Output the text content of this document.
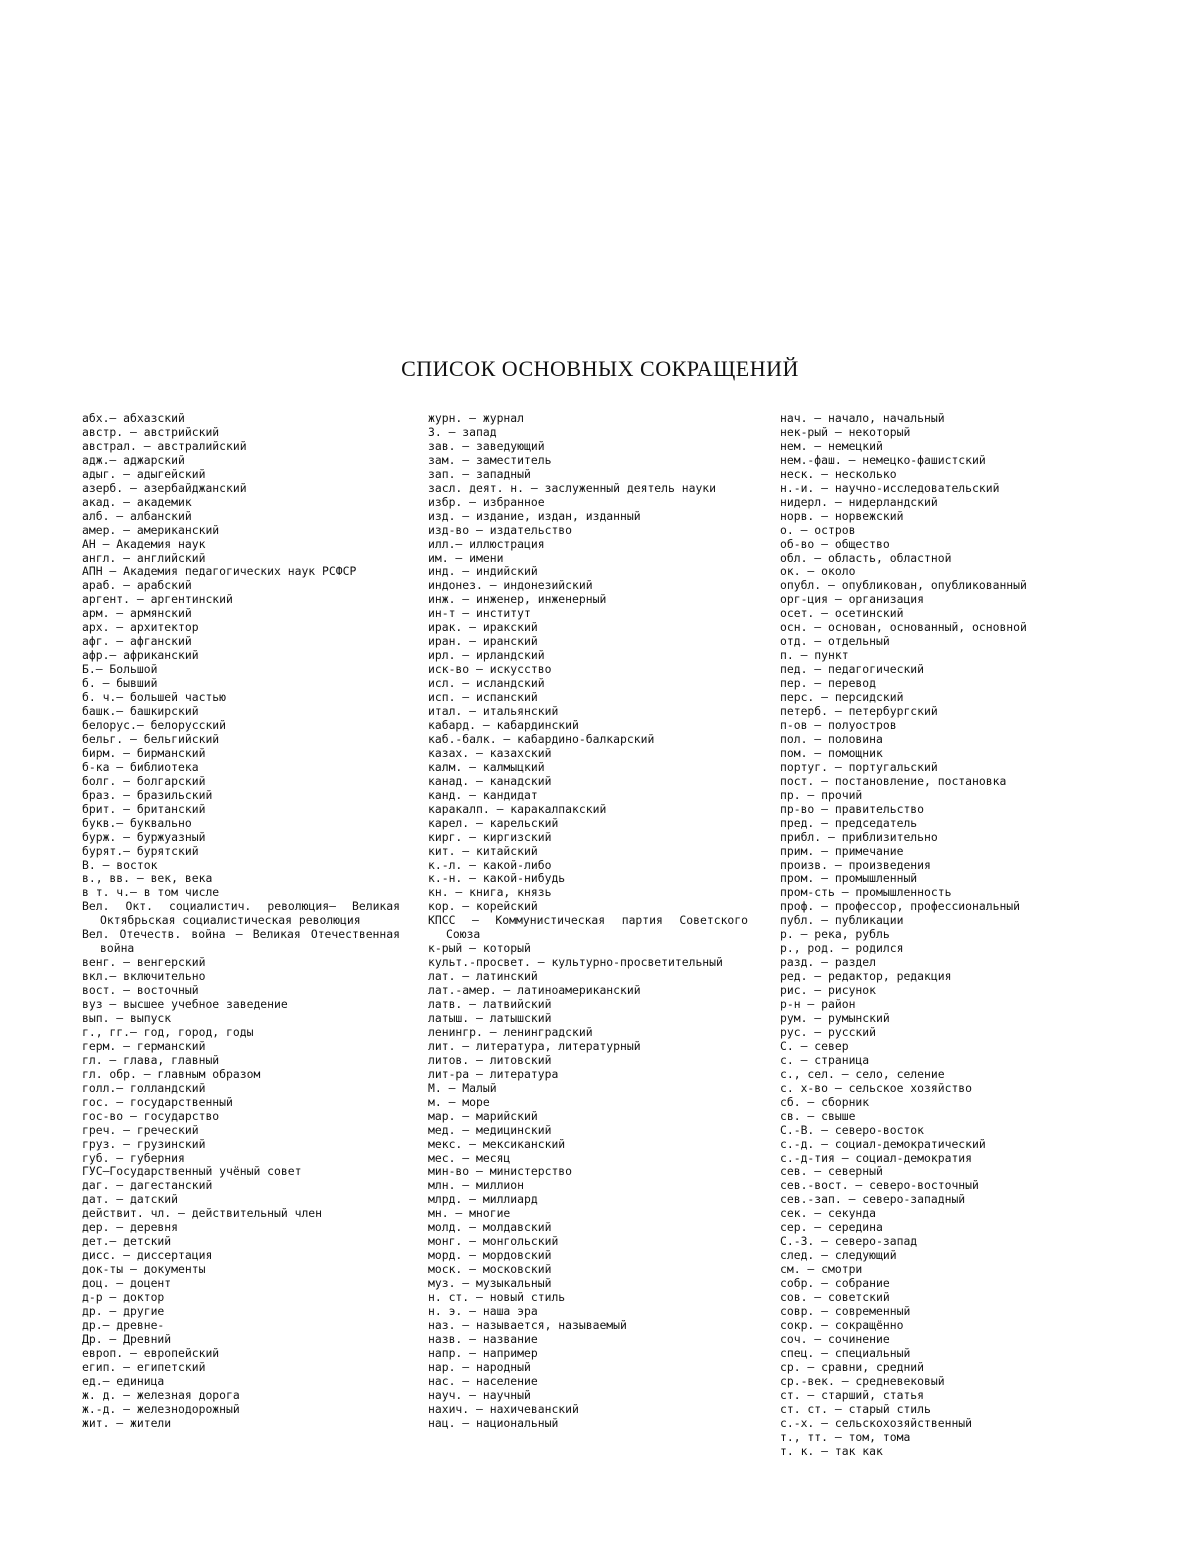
СПИСОК ОСНОВНЫХ СОКРАЩЕНИЙ
абх.— абхазский
австр. — австрийский
австрал. — австралийский
адж.— аджарский
адыг. — адыгейский
азерб. — азербайджанский
акад. — академик
алб. — албанский
амер. — американский
АН — Академия наук
англ. — английский
АПН — Академия педагогических наук РСФСР
араб. — арабский
аргент. — аргентинский
арм. — армянский
арх. — архитектор
афг. — афганский
афр.— африканский
Б.— Большой
б. — бывший
б. ч.— большей частью
башк.— башкирский
белорус.— белорусский
бельг. — бельгийский
бирм. — бирманский
б-ка — библиотека
болг. — болгарский
браз. — бразильский
брит. — британский
букв.— буквально
бурж. — буржуазный
бурят.— бурятский
В. — восток
в., вв. — век, века
в т. ч.— в том числе
Вел. Окт. социалистич. революция— Великая Октябрьская социалистическая революция
Вел. Отечеств. война — Великая Отечественная война
венг. — венгерский
вкл.— включительно
вост. — восточный
вуз — высшее учебное заведение
вып. — выпуск
г., гг.— год, город, годы
герм. — германский
гл. — глава, главный
гл. обр. — главным образом
голл.— голландский
гос. — государственный
гос-во — государство
греч. — греческий
груз. — грузинский
губ. — губерния
ГУС—Государственный учёный совет
даг. — дагестанский
дат. — датский
действит. чл. — действительный член
дер. — деревня
дет.— детский
дисс. — диссертация
док-ты — документы
доц. — доцент
д-р — доктор
др. — другие
др.— древне-
Др. — Древний
европ. — европейский
егип. — египетский
ед.— единица
ж. д. — железная дорога
ж.-д. — железнодорожный
жит. — жители
журн. — журнал
З. — запад
зав. — заведующий
зам. — заместитель
зап. — западный
засл. деят. н. — заслуженный деятель науки
избр. — избранное
изд. — издание, издан, изданный
изд-во — издательство
илл.— иллюстрация
им. — имени
инд. — индийский
индонез. — индонезийский
инж. — инженер, инженерный
ин-т — институт
ирак. — иракский
иран. — иранский
ирл. — ирландский
иск-во — искусство
исл. — исландский
исп. — испанский
итал. — итальянский
кабард. — кабардинский
каб.-балк. — кабардино-балкарский
казах. — казахский
калм. — калмыцкий
канад. — канадский
канд. — кандидат
каракалп. — каракалпакский
карел. — карельский
кирг. — киргизский
кит. — китайский
к.-л. — какой-либо
к.-н. — какой-нибудь
кн. — книга, князь
кор. — корейский
КПСС — Коммунистическая партия Советского Союза
к-рый — который
культ.-просвет. — культурно-просветительный
лат. — латинский
лат.-амер. — латиноамериканский
латв. — латвийский
латыш. — латышский
ленингр. — ленинградский
лит. — литература, литературный
литов. — литовский
лит-ра — литература
М. — Малый
м. — море
мар. — марийский
мед. — медицинский
мекс. — мексиканский
мес. — месяц
мин-во — министерство
млн. — миллион
млрд. — миллиард
мн. — многие
молд. — молдавский
монг. — монгольский
морд. — мордовский
моск. — московский
муз. — музыкальный
н. ст. — новый стиль
н. э. — наша эра
наз. — называется, называемый
назв. — название
напр. — например
нар. — народный
нас. — население
науч. — научный
нахич. — нахичеванский
нац. — национальный
нач. — начало, начальный
нек-рый — некоторый
нем. — немецкий
нем.-фаш. — немецко-фашистский
неск. — несколько
н.-и. — научно-исследовательский
нидерл. — нидерландский
норв. — норвежский
о. — остров
об-во — общество
обл. — область, областной
ок. — около
опубл. — опубликован, опубликованный
орг-ция — организация
осет. — осетинский
осн. — основан, основанный, основной
отд. — отдельный
п. — пункт
пед. — педагогический
пер. — перевод
перс. — персидский
петерб. — петербургский
п-ов — полуостров
пол. — половина
пом. — помощник
португ. — португальский
пост. — постановление, постановка
пр. — прочий
пр-во — правительство
пред. — председатель
прибл. — приблизительно
прим. — примечание
произв. — произведения
пром. — промышленный
пром-сть — промышленность
проф. — профессор, профессиональный
публ. — публикации
р. — река, рубль
р., род. — родился
разд. — раздел
ред. — редактор, редакция
рис. — рисунок
р-н — район
рум. — румынский
рус. — русский
С. — север
с. — страница
с., сел. — село, селение
с. х-во — сельское хозяйство
сб. — сборник
св. — свыше
С.-В. — северо-восток
с.-д. — социал-демократический
с.-д-тия — социал-демократия
сев. — северный
сев.-вост. — северо-восточный
сев.-зап. — северо-западный
сек. — секунда
сер. — середина
С.-З. — северо-запад
след. — следующий
см. — смотри
собр. — собрание
сов. — советский
совр. — современный
сокр. — сокращённо
соч. — сочинение
спец. — специальный
ср. — сравни, средний
ср.-век. — средневековый
ст. — старший, статья
ст. ст. — старый стиль
с.-х. — сельскохозяйственный
т., тт. — том, тома
т. к. — так как
